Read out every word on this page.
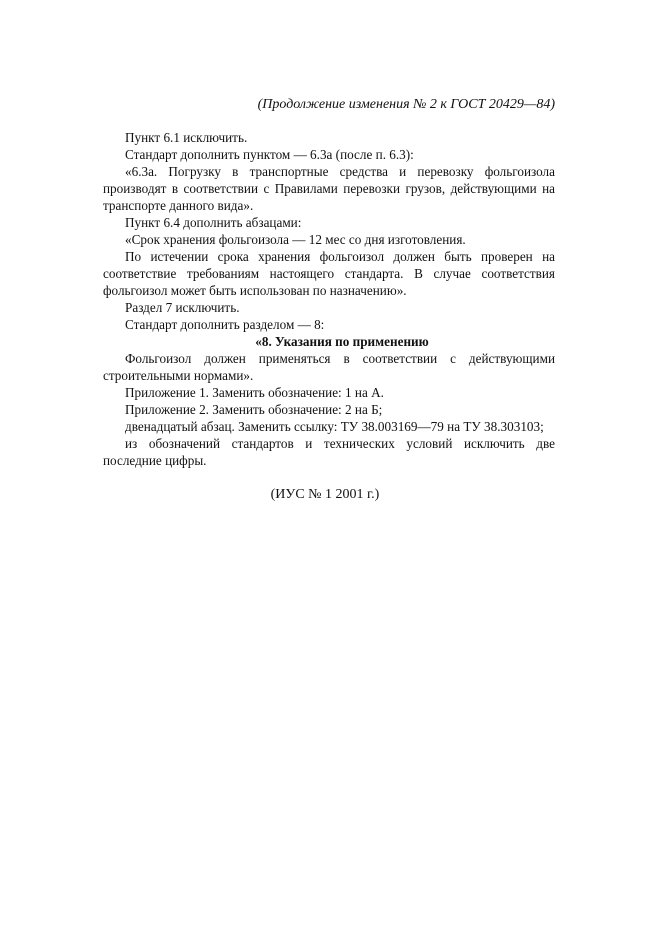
(Продолжение изменения № 2 к ГОСТ 20429—84)

Пункт 6.1 исключить.

Стандарт дополнить пунктом — 6.3а (после п. 6.3):

«6.3а. Погрузку в транспортные средства и перевозку фольгоизола производят в соответствии с Правилами перевозки грузов, действующими на транспорте данного вида».

Пункт 6.4 дополнить абзацами:

«Срок хранения фольгоизола — 12 мес со дня изготовления.

По истечении срока хранения фольгоизол должен быть проверен на соответствие требованиям настоящего стандарта. В случае соответствия фольгоизол может быть использован по назначению».

Раздел 7 исключить.

Стандарт дополнить разделом — 8:

«8. Указания по применению

Фольгоизол должен применяться в соответствии с действующими строительными нормами».

Приложение 1. Заменить обозначение: 1 на А.

Приложение 2. Заменить обозначение: 2 на Б;

двенадцатый абзац. Заменить ссылку: ТУ 38.003169—79 на ТУ 38.303103;

из обозначений стандартов и технических условий исключить две последние цифры.

(ИУС № 1 2001 г.)
